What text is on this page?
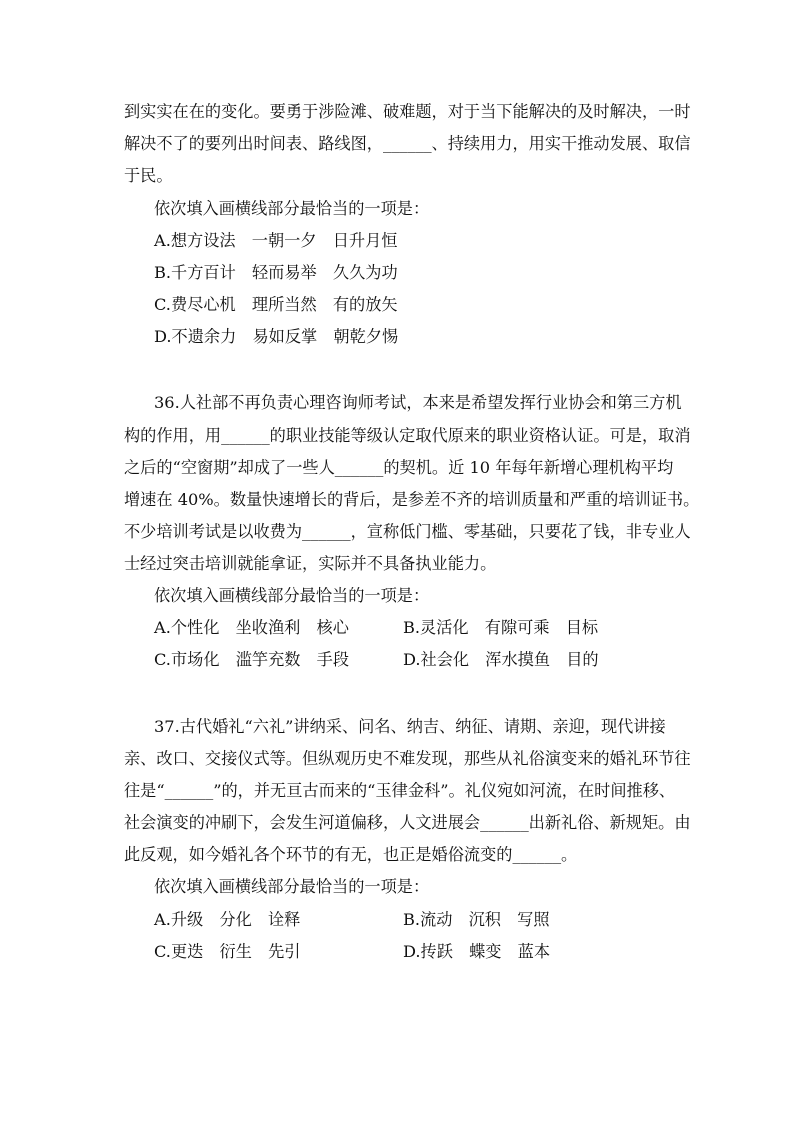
到实实在在的变化。要勇于涉险滩、破难题，对于当下能解决的及时解决，一时
解决不了的要列出时间表、路线图，______、持续用力，用实干推动发展、取信
于民。
依次填入画横线部分最恰当的一项是：
A.想方设法　一朝一夕　日升月恒
B.千方百计　轻而易举　久久为功
C.费尽心机　理所当然　有的放矢
D.不遗余力　易如反掌　朝乾夕惕
36.人社部不再负责心理咨询师考试，本来是希望发挥行业协会和第三方机
构的作用，用______的职业技能等级认定取代原来的职业资格认证。可是，取消
之后的“空窗期”却成了一些人______的契机。近 10 年每年新增心理机构平均
增速在 40%。数量快速增长的背后，是参差不齐的培训质量和严重的培训证书。
不少培训考试是以收费为______，宣称低门槛、零基础，只要花了钱，非专业人
士经过突击培训就能拿证，实际并不具备执业能力。
依次填入画横线部分最恰当的一项是：
A.个性化　坐收渔利　核心	B.灵活化　有隙可乘　目标
C.市场化　滥竽充数　手段	D.社会化　浑水摸鱼　目的
37.古代婚礼“六礼”讲纳采、问名、纳吉、纳征、请期、亲迎，现代讲接
亲、改口、交接仪式等。但纵观历史不难发现，那些从礼俗演变来的婚礼环节往
往是“______”的，并无亘古而来的“玉律金科”。礼仪宛如河流，在时间推移、
社会演变的冲刷下，会发生河道偏移，人文进展会______出新礼俗、新规矩。由
此反观，如今婚礼各个环节的有无，也正是婚俗流变的______。
依次填入画横线部分最恰当的一项是：
A.升级　分化　诠释	B.流动　沉积　写照
C.更迭　衍生　先引	D.抟跃　蝶变　蓝本
